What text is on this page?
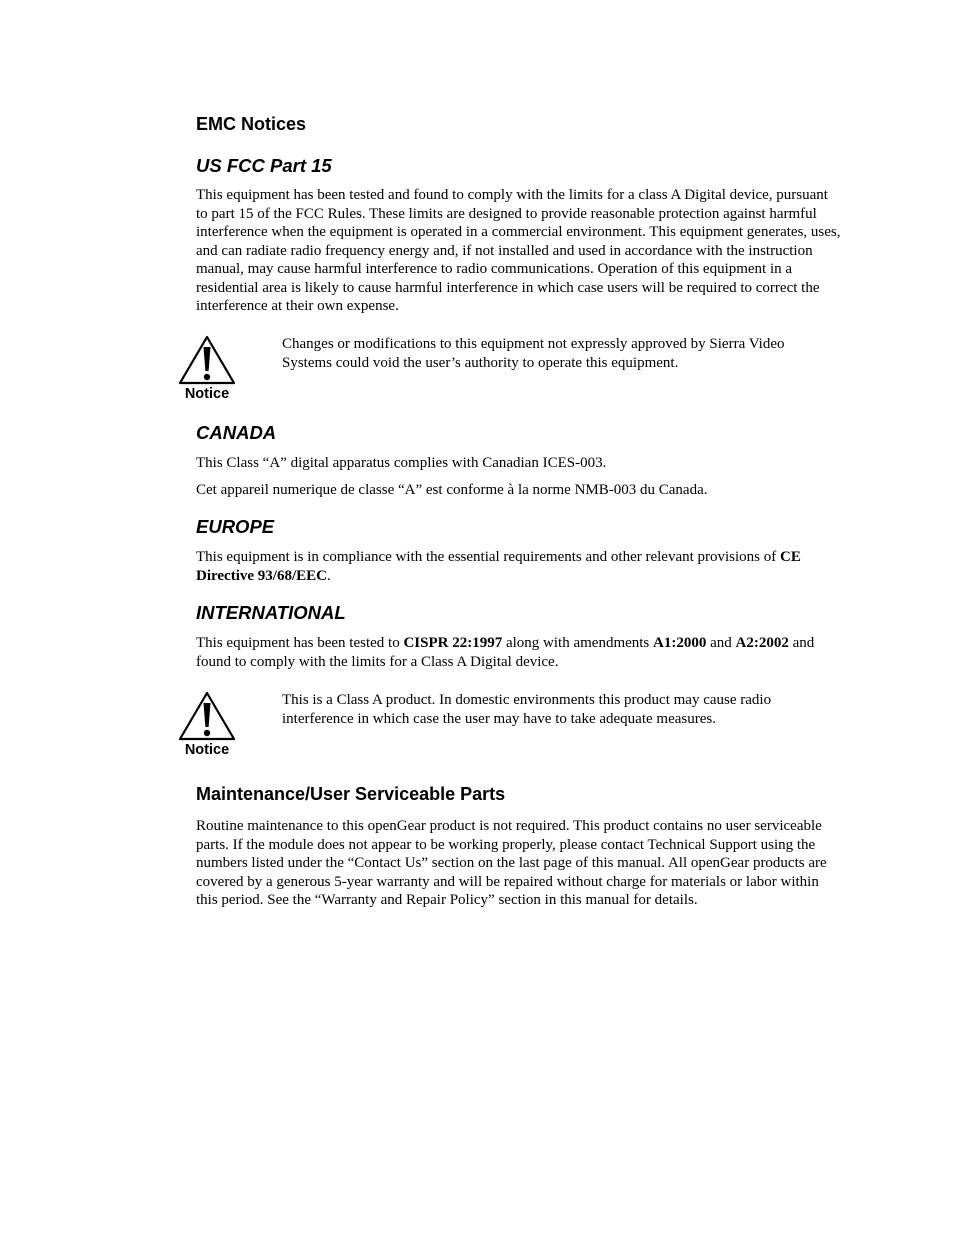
EMC Notices
US FCC Part 15

This equipment has been tested and found to comply with the limits for a class A Digital device, pursuant to part 15 of the FCC Rules. These limits are designed to provide reasonable protection against harmful interference when the equipment is operated in a commercial environment. This equipment generates, uses, and can radiate radio frequency energy and, if not installed and used in accordance with the instruction manual, may cause harmful interference to radio communications. Operation of this equipment in a residential area is likely to cause harmful interference in which case users will be required to correct the interference at their own expense.

Notice

Changes or modifications to this equipment not expressly approved by Sierra Video Systems could void the user’s authority to operate this equipment.

CANADA

This Class “A” digital apparatus complies with Canadian ICES-003.

Cet appareil numerique de classe “A” est conforme à la norme NMB-003 du Canada.

EUROPE

This equipment is in compliance with the essential requirements and other relevant provisions of CE Directive 93/68/EEC.

INTERNATIONAL

This equipment has been tested to CISPR 22:1997 along with amendments A1:2000 and A2:2002 and found to comply with the limits for a Class A Digital device.

Notice

This is a Class A product. In domestic environments this product may cause radio interference in which case the user may have to take adequate measures.

Maintenance/User Serviceable Parts

Routine maintenance to this openGear product is not required. This product contains no user serviceable parts. If the module does not appear to be working properly, please contact Technical Support using the numbers listed under the “Contact Us” section on the last page of this manual. All openGear products are covered by a generous 5-year warranty and will be repaired without charge for materials or labor within this period. See the “Warranty and Repair Policy” section in this manual for details.
